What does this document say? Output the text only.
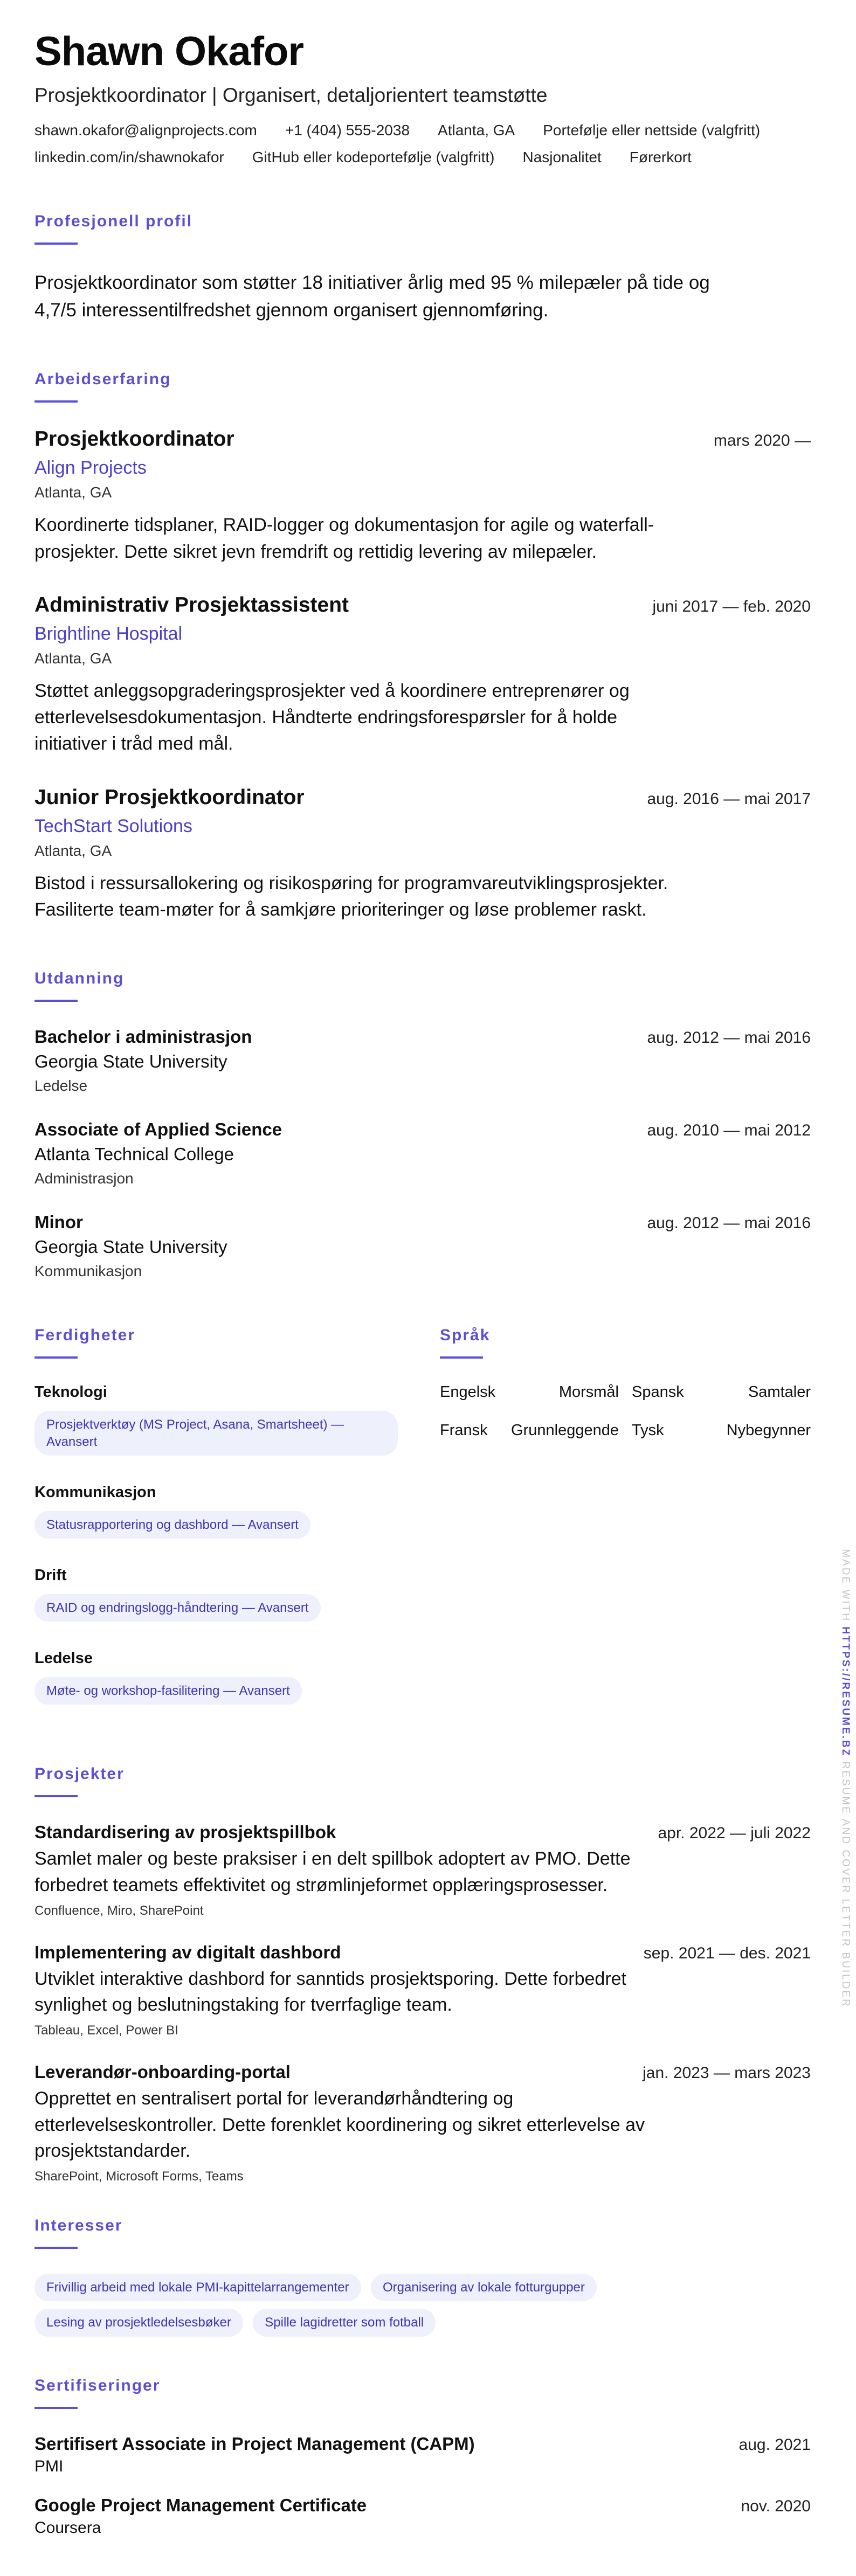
Shawn Okafor
Prosjektkoordinator | Organisert, detaljorientert teamstøtte
shawn.okafor@alignprojects.com +1 (404) 555-2038 Atlanta, GA Portefølje eller nettside (valgfritt)
linkedin.com/in/shawnokafor GitHub eller kodeportefølje (valgfritt) Nasjonalitet Førerkort
Profesjonell profil

Prosjektkoordinator som støtter 18 initiativer årlig med 95 % milepæler på tide og 4,7/5 interessentilfredshet gjennom organisert gjennomføring.

Arbeidserfaring
Prosjektkoordinator	mars 2020 —
Align Projects
Atlanta, GA

Koordinerte tidsplaner, RAID-logger og dokumentasjon for agile og waterfall-prosjekter. Dette sikret jevn fremdrift og rettidig levering av milepæler.

Administrativ Prosjektassistent	juni 2017 — feb. 2020
Brightline Hospital
Atlanta, GA

Støttet anleggsopgraderingsprosjekter ved å koordinere entreprenører og etterlevelsesdokumentasjon. Håndterte endringsforespørsler for å holde initiativer i tråd med mål.

Junior Prosjektkoordinator	aug. 2016 — mai 2017
TechStart Solutions
Atlanta, GA

Bistod i ressursallokering og risikospøring for programvareutviklingsprosjekter. Fasiliterte team-møter for å samkjøre prioriteringer og løse problemer raskt.

Utdanning
Bachelor i administrasjon	aug. 2012 — mai 2016
Georgia State University
Ledelse
Associate of Applied Science	aug. 2010 — mai 2012
Atlanta Technical College
Administrasjon
Minor	aug. 2012 — mai 2016
Georgia State University
Kommunikasjon
Ferdigheter
Teknologi
Prosjektverktøy (MS Project, Asana, Smartsheet) — Avansert
Kommunikasjon
Statusrapportering og dashbord — Avansert
Drift
RAID og endringslogg-håndtering — Avansert
Ledelse
Møte- og workshop-fasilitering — Avansert
Språk
Engelsk	Morsmål Spansk	Samtaler
Fransk Grunnleggende Tysk	Nybegynner
Prosjekter
Standardisering av prosjektspillbok	apr. 2022 — juli 2022

Samlet maler og beste praksiser i en delt spillbok adoptert av PMO. Dette forbedret teamets effektivitet og strømlinjeformet opplæringsprosesser.

Confluence, Miro, SharePoint
Implementering av digitalt dashbord	sep. 2021 — des. 2021

Utviklet interaktive dashbord for sanntids prosjektsporing. Dette forbedret synlighet og beslutningstaking for tverrfaglige team.

Tableau, Excel, Power BI
Leverandør-onboarding-portal	jan. 2023 — mars 2023

Opprettet en sentralisert portal for leverandørhåndtering og etterlevelseskontroller. Dette forenklet koordinering og sikret etterlevelse av prosjektstandarder.

SharePoint, Microsoft Forms, Teams
Interesser
Frivillig arbeid med lokale PMI-kapittelarrangementer	Organisering av lokale fotturgupper Lesing av prosjektledelsesbøker	Spille lagidretter som fotball
Sertifiseringer
Sertifisert Associate in Project Management (CAPM)	aug. 2021
PMI
Google Project Management Certificate	nov. 2020
Coursera
MADE WITH HTTPS://RESUME.BZ RESUME AND COVER LETTER BUILDER
